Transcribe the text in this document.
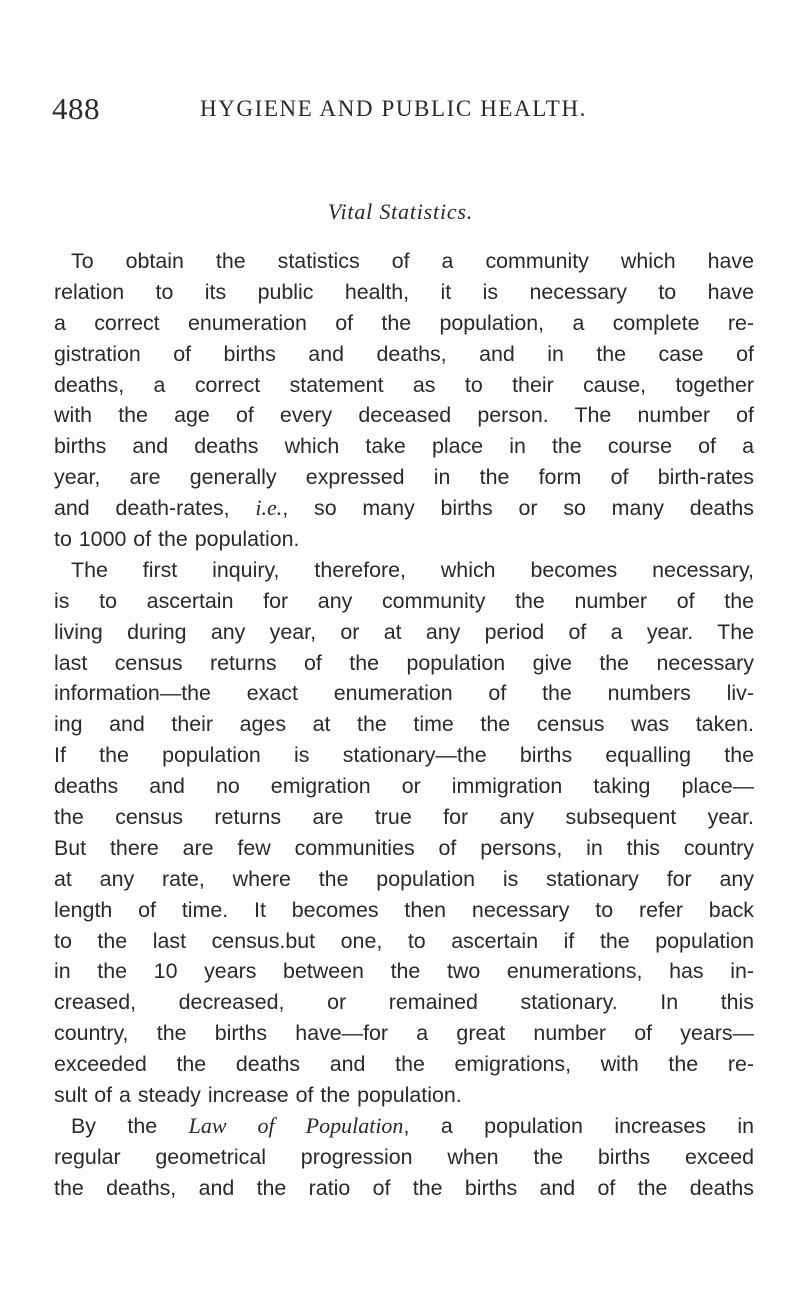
488	HYGIENE AND PUBLIC HEALTH.
Vital Statistics.
To obtain the statistics of a community which have
relation to its public health, it is necessary to have
a correct enumeration of the population, a complete re-
gistration of births and deaths, and in the case of
deaths, a correct statement as to their cause, together
with the age of every deceased person. The number of
births and deaths which take place in the course of a
year, are generally expressed in the form of birth-rates
and death-rates, i.e., so many births or so many deaths
to 1000 of the population.
The first inquiry, therefore, which becomes necessary,
is to ascertain for any community the number of the
living during any year, or at any period of a year. The
last census returns of the population give the necessary
information—the exact enumeration of the numbers liv-
ing and their ages at the time the census was taken.
If the population is stationary—the births equalling the
deaths and no emigration or immigration taking place—
the census returns are true for any subsequent year.
But there are few communities of persons, in this country
at any rate, where the population is stationary for any
length of time. It becomes then necessary to refer back
to the last census.but one, to ascertain if the population
in the 10 years between the two enumerations, has in-
creased, decreased, or remained stationary. In this
country, the births have—for a great number of years—
exceeded the deaths and the emigrations, with the re-
sult of a steady increase of the population.
By the Law of Population, a population increases in
regular geometrical progression when the births exceed
the deaths, and the ratio of the births and of the deaths
